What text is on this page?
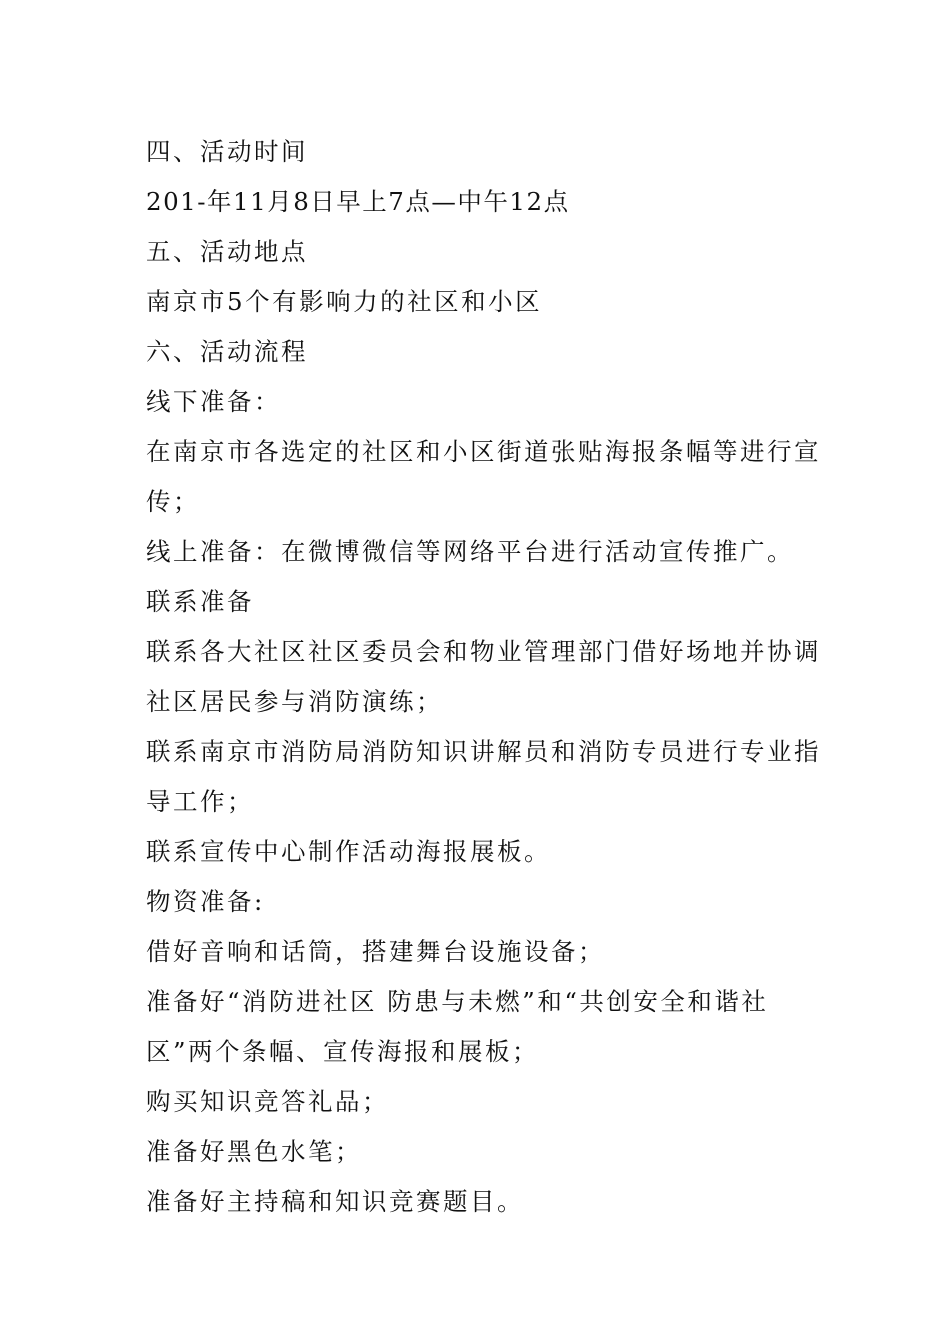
四、活动时间
201-年11月8日早上7点—中午12点
五、活动地点
南京市5个有影响力的社区和小区
六、活动流程
线下准备：
在南京市各选定的社区和小区街道张贴海报条幅等进行宣
传；
线上准备：在微博微信等网络平台进行活动宣传推广。
联系准备
联系各大社区社区委员会和物业管理部门借好场地并协调
社区居民参与消防演练；
联系南京市消防局消防知识讲解员和消防专员进行专业指
导工作；
联系宣传中心制作活动海报展板。
物资准备:
借好音响和话筒，搭建舞台设施设备；
准备好“消防进社区 防患与未燃”和“共创安全和谐社
区”两个条幅、宣传海报和展板；
购买知识竞答礼品；
准备好黑色水笔；
准备好主持稿和知识竞赛题目。
